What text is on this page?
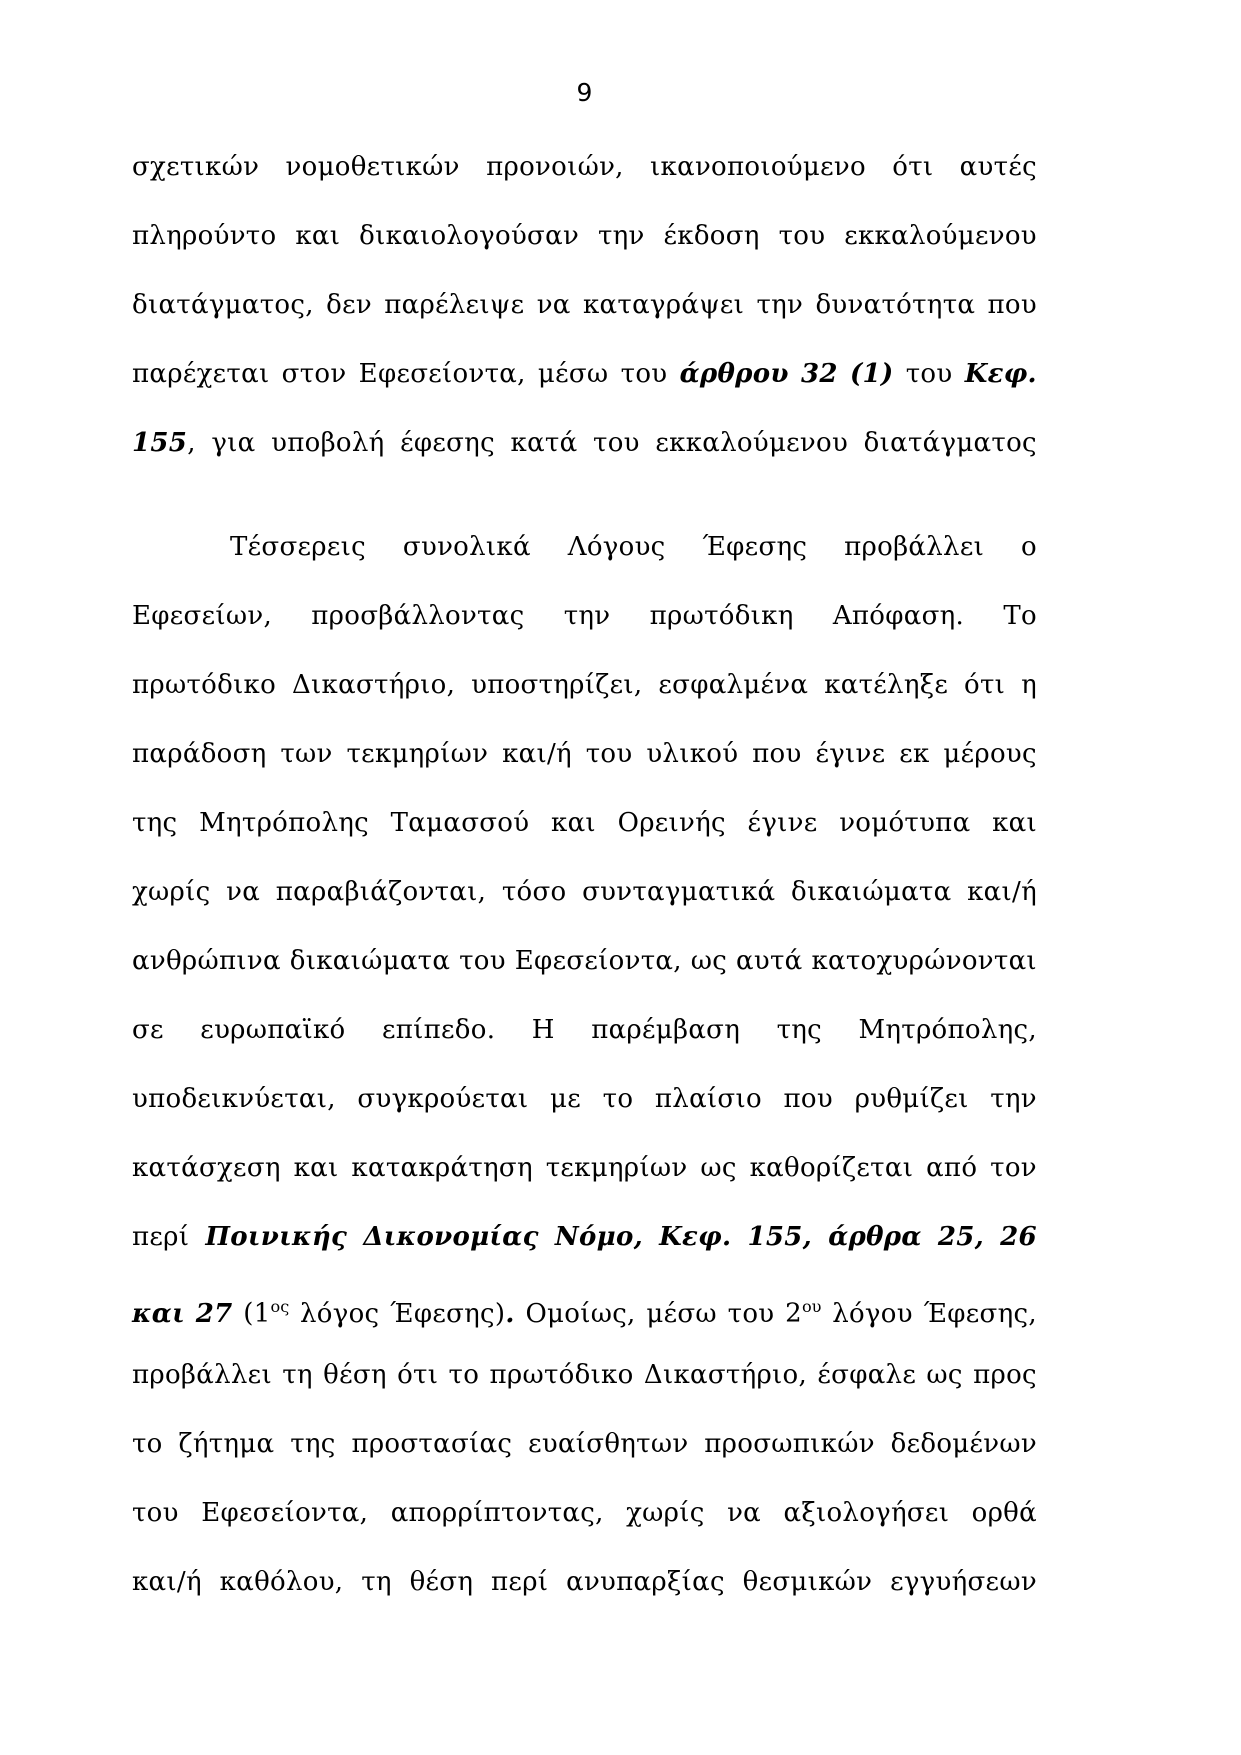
9
σχετικών νομοθετικών προνοιών, ικανοποιούμενο ότι αυτές
πληρούντο και δικαιολογούσαν την έκδοση του εκκαλούμενου
διατάγματος, δεν παρέλειψε να καταγράψει την δυνατότητα που
παρέχεται στον Εφεσείοντα, μέσω του άρθρου 32 (1) του Κεφ.
155, για υποβολή έφεσης κατά του εκκαλούμενου διατάγματος
Τέσσερεις συνολικά Λόγους Έφεσης προβάλλει ο
Εφεσείων, προσβάλλοντας την πρωτόδικη Απόφαση. Το
πρωτόδικο Δικαστήριο, υποστηρίζει, εσφαλμένα κατέληξε ότι η
παράδοση των τεκμηρίων και/ή του υλικού που έγινε εκ μέρους
της Μητρόπολης Ταμασσού και Ορεινής έγινε νομότυπα και
χωρίς να παραβιάζονται, τόσο συνταγματικά δικαιώματα και/ή
ανθρώπινα δικαιώματα του Εφεσείοντα, ως αυτά κατοχυρώνονται
σε ευρωπαϊκό επίπεδο. Η παρέμβαση της Μητρόπολης,
υποδεικνύεται, συγκρούεται με το πλαίσιο που ρυθμίζει την
κατάσχεση και κατακράτηση τεκμηρίων ως καθορίζεται από τον
περί Ποινικής Δικονομίας Νόμο, Κεφ. 155, άρθρα 25, 26
και 27 ($1^{o\varsigma}$ λόγος Έφεσης). Ομοίως, μέσω του $2^{o\upsilon}$ λόγου Έφεσης,
προβάλλει τη θέση ότι το πρωτόδικο Δικαστήριο, έσφαλε ως προς
το ζήτημα της προστασίας ευαίσθητων προσωπικών δεδομένων
του Εφεσείοντα, απορρίπτοντας, χωρίς να αξιολογήσει ορθά
και/ή καθόλου, τη θέση περί ανυπαρξίας θεσμικών εγγυήσεων
